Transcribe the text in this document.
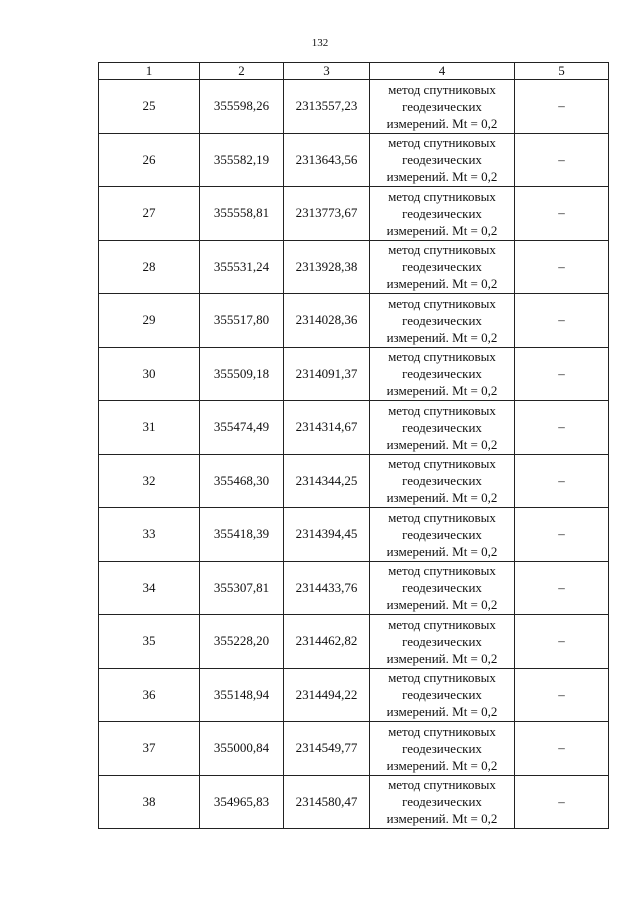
132
1	2	3	4	5
25	355598,26	2313557,23	метод спутниковых
геодезических
измерений. Mt = 0,2	–
26	355582,19	2313643,56	метод спутниковых
геодезических
измерений. Mt = 0,2	–
27	355558,81	2313773,67	метод спутниковых
геодезических
измерений. Mt = 0,2	–
28	355531,24	2313928,38	метод спутниковых
геодезических
измерений. Mt = 0,2	–
29	355517,80	2314028,36	метод спутниковых
геодезических
измерений. Mt = 0,2	–
30	355509,18	2314091,37	метод спутниковых
геодезических
измерений. Mt = 0,2	–
31	355474,49	2314314,67	метод спутниковых
геодезических
измерений. Mt = 0,2	–
32	355468,30	2314344,25	метод спутниковых
геодезических
измерений. Mt = 0,2	–
33	355418,39	2314394,45	метод спутниковых
геодезических
измерений. Mt = 0,2	–
34	355307,81	2314433,76	метод спутниковых
геодезических
измерений. Mt = 0,2	–
35	355228,20	2314462,82	метод спутниковых
геодезических
измерений. Mt = 0,2	–
36	355148,94	2314494,22	метод спутниковых
геодезических
измерений. Mt = 0,2	–
37	355000,84	2314549,77	метод спутниковых
геодезических
измерений. Mt = 0,2	–
38	354965,83	2314580,47	метод спутниковых
геодезических
измерений. Mt = 0,2	–
